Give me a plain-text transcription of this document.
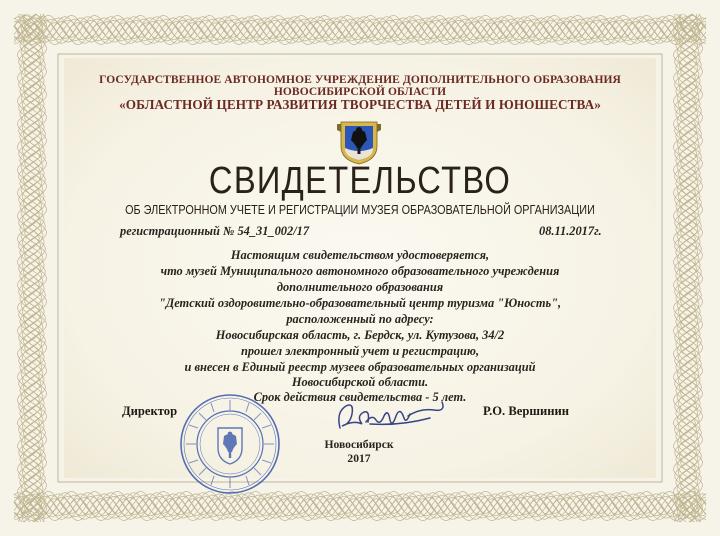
ГОСУДАРСТВЕННОЕ АВТОНОМНОЕ УЧРЕЖДЕНИЕ ДОПОЛНИТЕЛЬНОГО ОБРАЗОВАНИЯ
НОВОСИБИРСКОЙ ОБЛАСТИ
«ОБЛАСТНОЙ ЦЕНТР РАЗВИТИЯ ТВОРЧЕСТВА ДЕТЕЙ И ЮНОШЕСТВА»
СВИДЕТЕЛЬСТВО
ОБ ЭЛЕКТРОННОМ УЧЕТЕ И РЕГИСТРАЦИИ МУЗЕЯ ОБРАЗОВАТЕЛЬНОЙ ОРГАНИЗАЦИИ
регистрационный № 54_31_002/17	08.11.2017г.
Настоящим свидетельством удостоверяется,
что музей Муниципального автономного образовательного учреждения
дополнительного образования
"Детский оздоровительно-образовательный центр туризма "Юность",
расположенный по адресу:
Новосибирская область, г. Бердск, ул. Кутузова, 34/2
прошел электронный учет и регистрацию,
и внесен в Единый реестр музеев образовательных организаций
Новосибирской области.
Срок действия свидетельства - 5 лет.
Директор	Р.О. Вершинин
Новосибирск
2017
